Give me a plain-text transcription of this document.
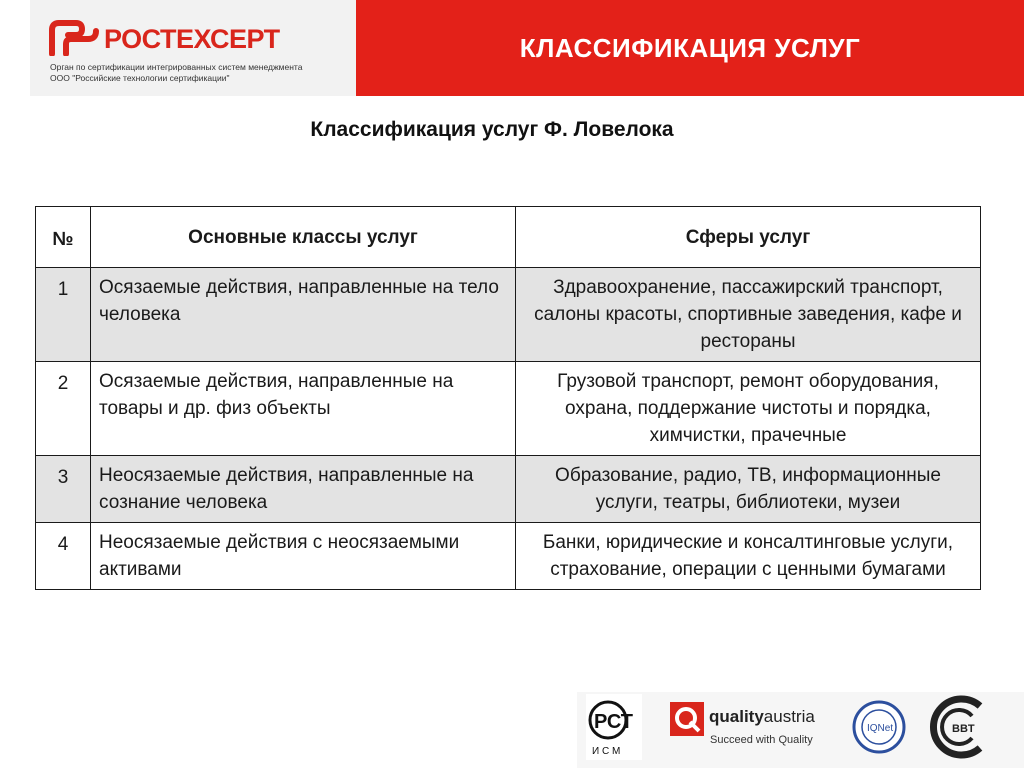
РОСТЕХСЕРТ
Орган по сертификации интегрированных систем менеджмента
ООО "Российские технологии сертификации"
КЛАССИФИКАЦИЯ УСЛУГ
Классификация услуг Ф. Ловелока
№	Основные классы услуг	Сферы услуг
1	Осязаемые действия, направленные на тело человека	Здравоохранение, пассажирский транспорт, салоны красоты, спортивные заведения, кафе и рестораны
2	Осязаемые действия, направленные на товары и др. физ объекты	Грузовой транспорт, ремонт оборудования, охрана, поддержание чистоты и порядка, химчистки, прачечные
3	Неосязаемые действия, направленные на сознание человека	Образование, радио, ТВ, информационные услуги, театры, библиотеки, музеи
4	Неосязаемые действия с неосязаемыми активами	Банки, юридические и консалтинговые услуги, страхование, операции с ценными бумагами
РСТ
И С М
qualityaustria
Succeed with Quality
IQNet	BBT
